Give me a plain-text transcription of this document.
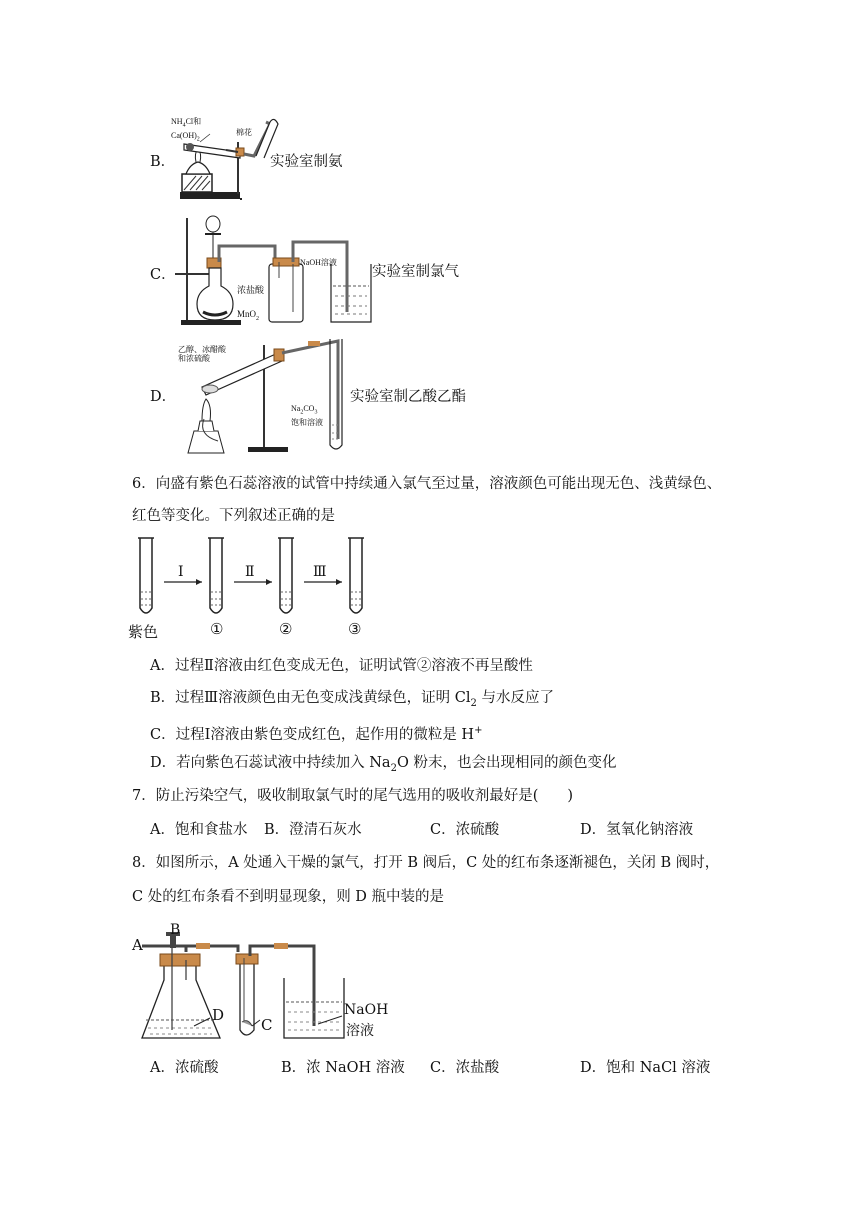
B．
$NH_4Cl$和
$Ca(OH)_2$
棉花
实验室制氨
C．
NaOH溶液
浓盐酸
MnO$_2$
实验室制氯气
D．
乙醇、冰醋酸
和浓硫酸
$Na_2CO_3$
饱和溶液
实验室制乙酸乙酯
6．向盛有紫色石蕊溶液的试管中持续通入氯气至过量，溶液颜色可能出现无色、浅黄绿色、
红色等变化。下列叙述正确的是
Ⅰ	Ⅱ	Ⅲ
紫色	①	②	③
A．过程Ⅱ溶液由红色变成无色，证明试管②溶液不再呈酸性
B．过程Ⅲ溶液颜色由无色变成浅黄绿色，证明 $Cl_2$ 与水反应了
C．过程Ⅰ溶液由紫色变成红色，起作用的微粒是 H+
D．若向紫色石蕊试液中持续加入 $Na_2O$ 粉末，也会出现相同的颜色变化
7．防止污染空气，吸收制取氯气时的尾气选用的吸收剂最好是(　　)
A．饱和食盐水 B．澄清石灰水	C．浓硫酸	D．氢氧化钠溶液
8．如图所示，A 处通入干燥的氯气，打开 B 阀后，C 处的红布条逐渐褪色，关闭 B 阀时，
C 处的红布条看不到明显现象，则 D 瓶中装的是
A
B
D
C
NaOH
溶液
A．浓硫酸	B．浓 NaOH 溶液 C．浓盐酸	D．饱和 NaCl 溶液
